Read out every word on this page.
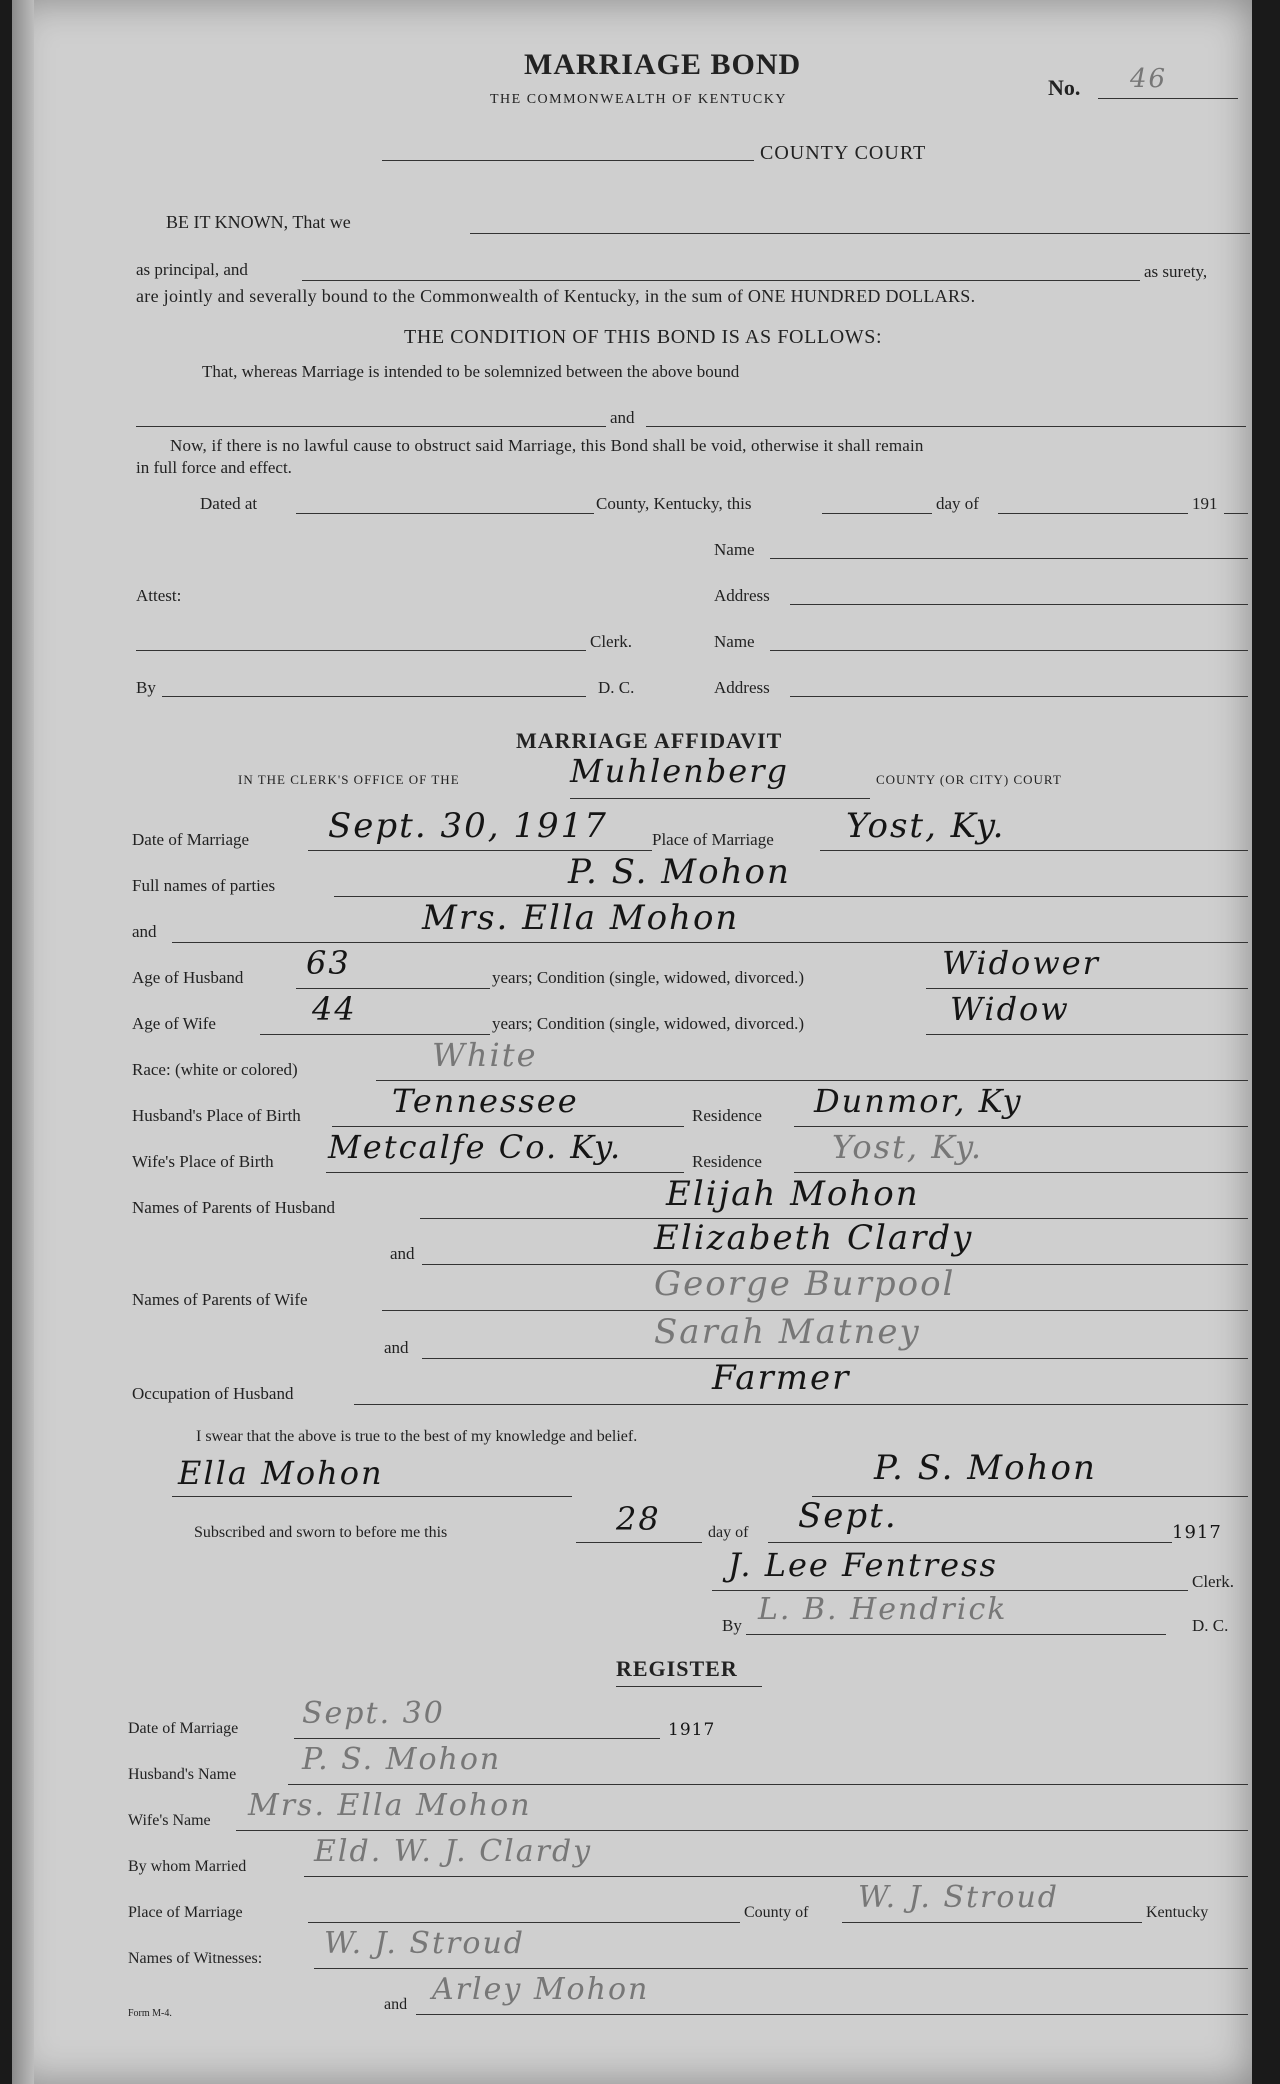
MARRIAGE BOND
THE COMMONWEALTH OF KENTUCKY	No. 46
COUNTY COURT
BE IT KNOWN, That we
as principal, and	as surety,
are jointly and severally bound to the Commonwealth of Kentucky, in the sum of ONE HUNDRED DOLLARS.
THE CONDITION OF THIS BOND IS AS FOLLOWS:
That, whereas Marriage is intended to be solemnized between the above bound
and
Now, if there is no lawful cause to obstruct said Marriage, this Bond shall be void, otherwise it shall remain
in full force and effect.
Dated at	County, Kentucky, this	day of	191
Name
Attest:	Address
Clerk.	Name
By	D. C.	Address
MARRIAGE AFFIDAVIT
IN THE CLERK'S OFFICE OF THE	Muhlenberg	COUNTY (OR CITY) COURT
Date of Marriage Sept. 30, 1917	Place of Marriage Yost, Ky.
Full names of parties	P. S. Mohon
and	Mrs. Ella Mohon
Age of Husband 63	years; Condition (single, widowed, divorced.)	Widower
Age of Wife	44	years; Condition (single, widowed, divorced.)	Widow
Race: (white or colored)	White
Husband's Place of Birth	Tennessee	Residence Dunmor, Ky
Wife's Place of Birth Metcalfe Co. Ky.	Residence Yost, Ky.
Names of Parents of Husband	Elijah Mohon
and	Elizabeth Clardy
Names of Parents of Wife	George Burpool
and	Sarah Matney
Occupation of Husband	Farmer
I swear that the above is true to the best of my knowledge and belief.
Ella Mohon	P. S. Mohon
Subscribed and sworn to before me this	28	day of Sept.	1917
J. Lee Fentress	Clerk.
By L. B. Hendrick	D. C.
REGISTER
Date of Marriage Sept. 30	1917
Husband's Name P. S. Mohon
Wife's Name Mrs. Ella Mohon
By whom Married Eld. W. J. Clardy
Place of Marriage	County of W. J. Stroud	Kentucky
Names of Witnesses: W. J. Stroud
and Arley Mohon
Form M-4.
